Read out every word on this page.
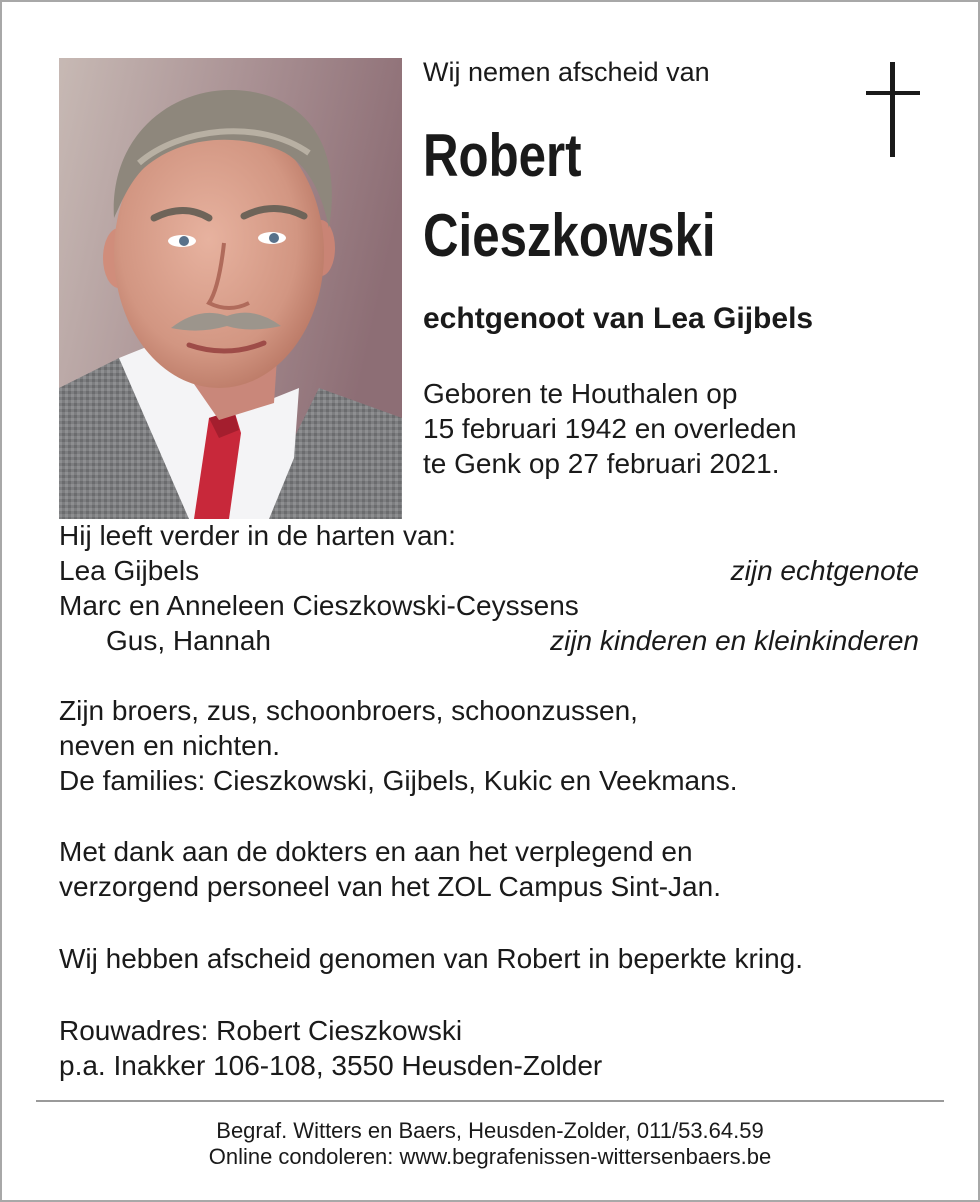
Wij nemen afscheid van
Robert
Cieszkowski
echtgenoot van Lea Gijbels
Geboren te Houthalen op
15 februari 1942 en overleden
te Genk op 27 februari 2021.
Hij leeft verder in de harten van:
Lea Gijbels	zijn echtgenote
Marc en Anneleen Cieszkowski-Ceyssens
Gus, Hannah	zijn kinderen en kleinkinderen
Zijn broers, zus, schoonbroers, schoonzussen,
neven en nichten.
De families: Cieszkowski, Gijbels, Kukic en Veekmans.
Met dank aan de dokters en aan het verplegend en
verzorgend personeel van het ZOL Campus Sint-Jan.
Wij hebben afscheid genomen van Robert in beperkte kring.
Rouwadres: Robert Cieszkowski
p.a. Inakker 106-108, 3550 Heusden-Zolder
Begraf. Witters en Baers, Heusden-Zolder, 011/53.64.59
Online condoleren: www.begrafenissen-wittersenbaers.be
